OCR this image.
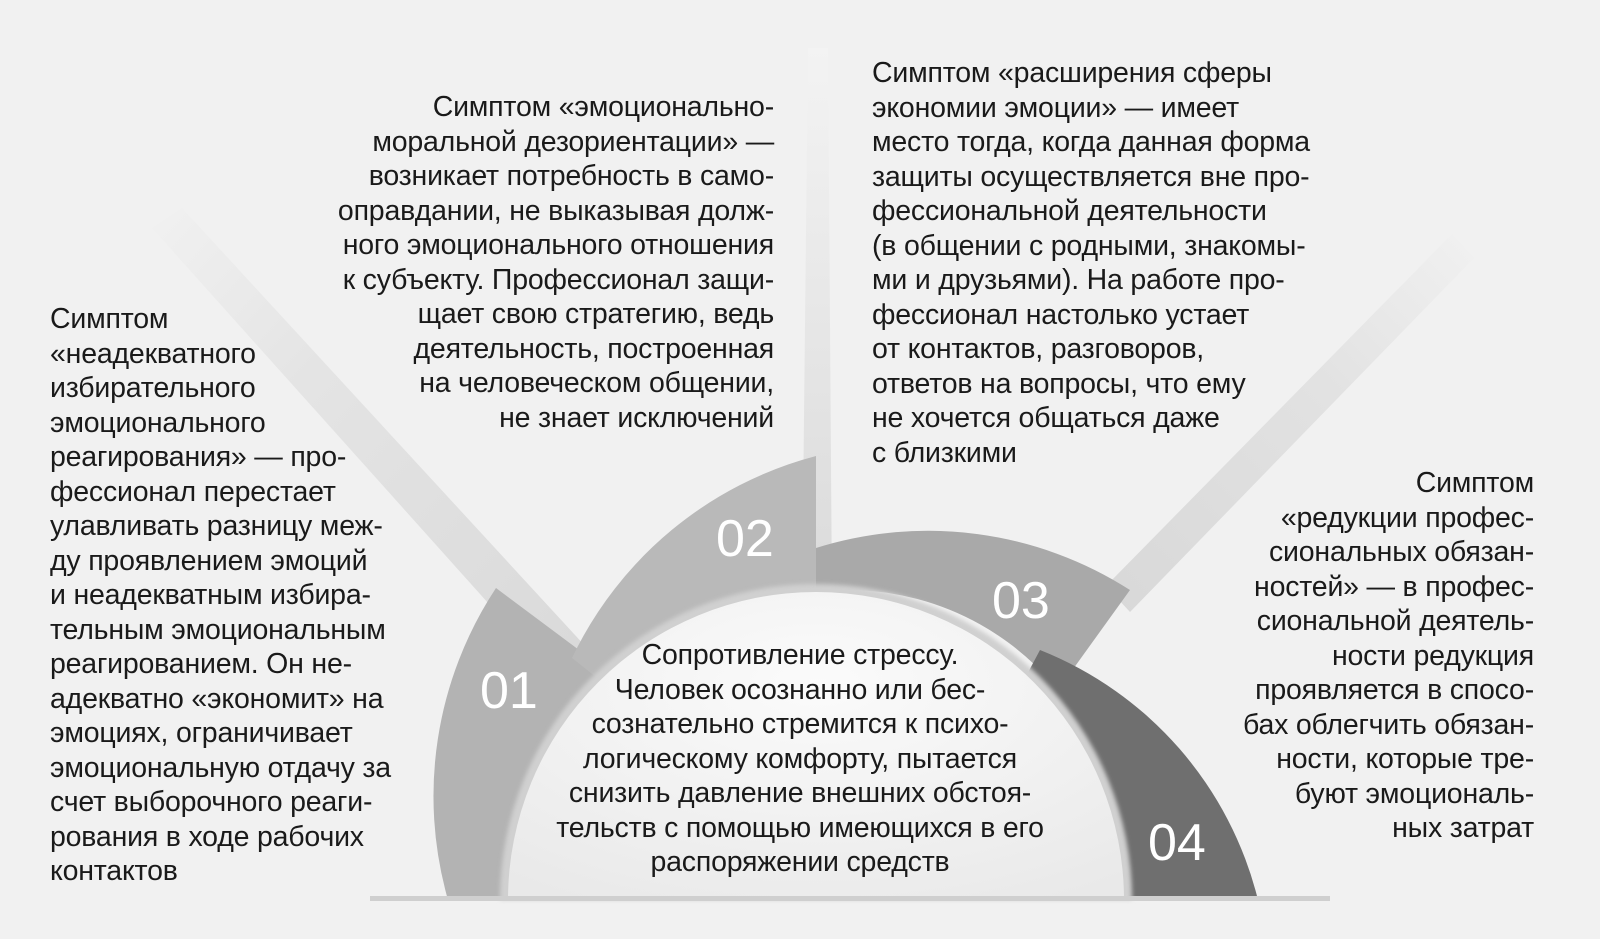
01
02
03
04
Симптом
«неадекватного
избирательного
эмоционального
реагирования» — про-
фессионал перестает
улавливать разницу меж-
ду проявлением эмоций
и неадекватным избира-
тельным эмоциональным
реагированием. Он не-
адекватно «экономит» на
эмоциях, ограничивает
эмоциональную отдачу за
счет выборочного реаги-
рования в ходе рабочих
контактов
Симптом «эмоционально-
моральной дезориентации» —
возникает потребность в само-
оправдании, не выказывая долж-
ного эмоционального отношения
к субъекту. Профессионал защи-
щает свою стратегию, ведь
деятельность, построенная
на человеческом общении,
не знает исключений
Симптом «расширения сферы
экономии эмоции» — имеет
место тогда, когда данная форма
защиты осуществляется вне про-
фессиональной деятельности
(в общении с родными, знакомы-
ми и друзьями). На работе про-
фессионал настолько устает
от контактов, разговоров,
ответов на вопросы, что ему
не хочется общаться даже
с близкими
Симптом
«редукции профес-
сиональных обязан-
ностей» — в профес-
сиональной деятель-
ности редукция
проявляется в спосо-
бах облегчить обязан-
ности, которые тре-
буют эмоциональ-
ных затрат
Сопротивление стрессу.
Человек осознанно или бес-
сознательно стремится к психо-
логическому комфорту, пытается
снизить давление внешних обстоя-
тельств с помощью имеющихся в его
распоряжении средств
